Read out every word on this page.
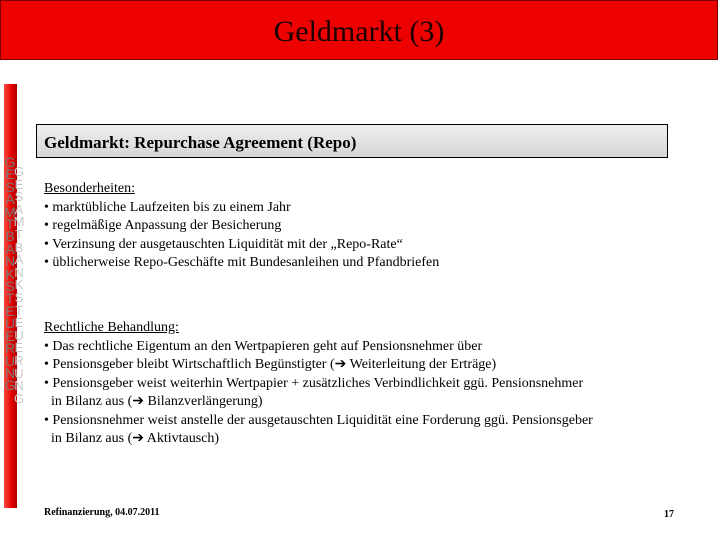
Geldmarkt (3)
G
E
S
A
M
T
B
A
N
K
S
T
E
U
E
R
U
N
G
G
E
S
A
M
T
B
A
N
K
S
T
E
U
E
R
U
N
G
Geldmarkt: Repurchase Agreement (Repo)
Besonderheiten:
• marktübliche Laufzeiten bis zu einem Jahr
• regelmäßige Anpassung der Besicherung
• Verzinsung der ausgetauschten Liquidität mit der „Repo-Rate“
• üblicherweise Repo-Geschäfte mit Bundesanleihen und Pfandbriefen
Rechtliche Behandlung:
• Das rechtliche Eigentum an den Wertpapieren geht auf Pensionsnehmer über
• Pensionsgeber bleibt Wirtschaftlich Begünstigter (➔ Weiterleitung der Erträge)
• Pensionsgeber weist weiterhin Wertpapier + zusätzliches Verbindlichkeit ggü. Pensionsnehmer
in Bilanz aus (➔ Bilanzverlängerung)
• Pensionsnehmer weist anstelle der ausgetauschten Liquidität eine Forderung ggü. Pensionsgeber
in Bilanz aus (➔ Aktivtausch)
Refinanzierung, 04.07.2011	17
